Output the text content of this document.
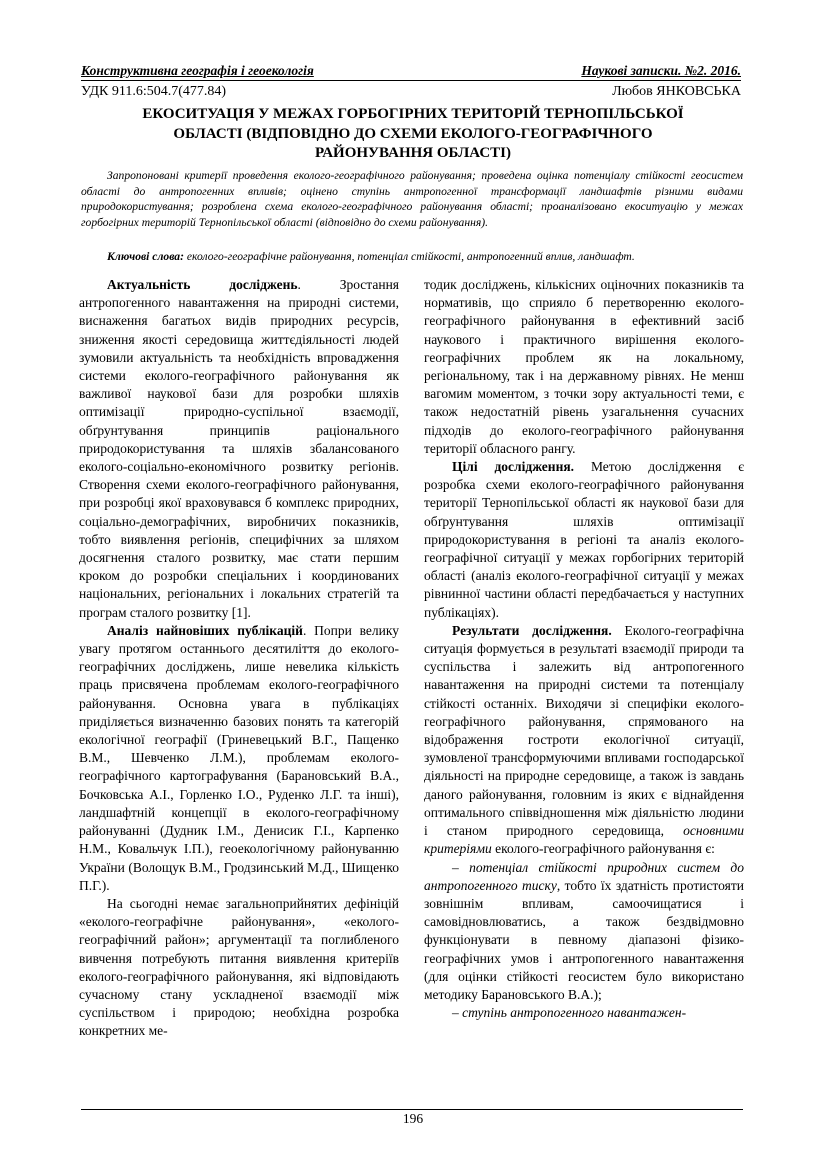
Конструктивна географія і геоекологія	Наукові записки. №2. 2016.
УДК 911.6:504.7(477.84)	Любов ЯНКОВСЬКА
ЕКОСИТУАЦІЯ У МЕЖАХ ГОРБОГІРНИХ ТЕРИТОРІЙ ТЕРНОПІЛЬСЬКОЇ
ОБЛАСТІ (ВІДПОВІДНО ДО СХЕМИ ЕКОЛОГО-ГЕОГРАФІЧНОГО
РАЙОНУВАННЯ ОБЛАСТІ)
Запропоновані критерії проведення еколого-географічного районування; проведена оцінка потенціалу стійкості геосистем області до антропогенних впливів; оцінено ступінь антропогенної трансформації ландшафтів різними видами природокористування; розроблена схема еколого-географічного районування області; проаналізовано екоситуацію у межах горбогірних територій Тернопільської області (відповідно до схеми районування).
Ключові слова: еколого-географічне районування, потенціал стійкості, антропогенний вплив, ландшафт.

Актуальність досліджень. Зростання антропогенного навантаження на природні системи, виснаження багатьох видів природних ресурсів, зниження якості середовища життєдіяльності людей зумовили актуальність та необхідність впровадження системи еколого-географічного районування як важливої наукової бази для розробки шляхів оптимізації природно-суспільної взаємодії, обґрунтування принципів раціонального природокористування та шляхів збалансованого еколого-соціально-економічного розвитку регіонів. Створення схеми еколого-географічного районування, при розробці якої враховувався б комплекс природних, соціально-демографічних, виробничих показників, тобто виявлення регіонів, специфічних за шляхом досягнення сталого розвитку, має стати першим кроком до розробки спеціальних і координованих національних, регіональних і локальних стратегій та програм сталого розвитку [1].

Аналіз найновіших публікацій. Попри велику увагу протягом останнього десятиліття до еколого-географічних досліджень, лише невелика кількість праць присвячена проблемам еколого-географічного районування. Основна увага в публікаціях приділяється визначенню базових понять та категорій екологічної географії (Гриневецький В.Г., Пащенко В.М., Шевченко Л.М.), проблемам еколого-географічного картографування (Барановський В.А., Бочковська А.І., Горленко І.О., Руденко Л.Г. та інші), ландшафтній концепції в еколого-географічному районуванні (Дудник І.М., Денисик Г.І., Карпенко Н.М., Ковальчук І.П.), геоекологічному районуванню України (Волощук В.М., Гродзинський М.Д., Шищенко П.Г.).

На сьогодні немає загальноприйнятих дефініцій «еколого-географічне районування», «еколого-географічний район»; аргументації та поглибленого вивчення потребують питання виявлення критеріїв еколого-географічного районування, які відповідають сучасному стану ускладненої взаємодії між суспільством і природою; необхідна розробка конкретних ме-

тодик досліджень, кількісних оціночних показників та нормативів, що сприяло б перетворенню еколого-географічного районування в ефективний засіб наукового і практичного вирішення еколого-географічних проблем як на локальному, регіональному, так і на державному рівнях. Не менш вагомим моментом, з точки зору актуальності теми, є також недостатній рівень узагальнення сучасних підходів до еколого-географічного районування території обласного рангу.

Цілі дослідження. Метою дослідження є розробка схеми еколого-географічного районування території Тернопільської області як наукової бази для обґрунтування шляхів оптимізації природокористування в регіоні та аналіз еколого-географічної ситуації у межах горбогірних територій області (аналіз еколого-географічної ситуації у межах рівнинної частини області передбачається у наступних публікаціях).

Результати дослідження. Еколого-географічна ситуація формується в результаті взаємодії природи та суспільства і залежить від антропогенного навантаження на природні системи та потенціалу стійкості останніх. Виходячи зі специфіки еколого-географічного районування, спрямованого на відображення гостроти екологічної ситуації, зумовленої трансформуючими впливами господарської діяльності на природне середовище, а також із завдань даного районування, головним із яких є віднайдення оптимального співвідношення між діяльністю людини і станом природного середовища, основними критеріями еколого-географічного районування є:

– потенціал стійкості природних систем до антропогенного тиску, тобто їх здатність протистояти зовнішнім впливам, самоочищатися і самовідновлюватись, а також бездвідмовно функціонувати в певному діапазоні фізико-географічних умов і антропогенного навантаження (для оцінки стійкості геосистем було використано методику Барановського В.А.);

– ступінь антропогенного навантажен-

196
